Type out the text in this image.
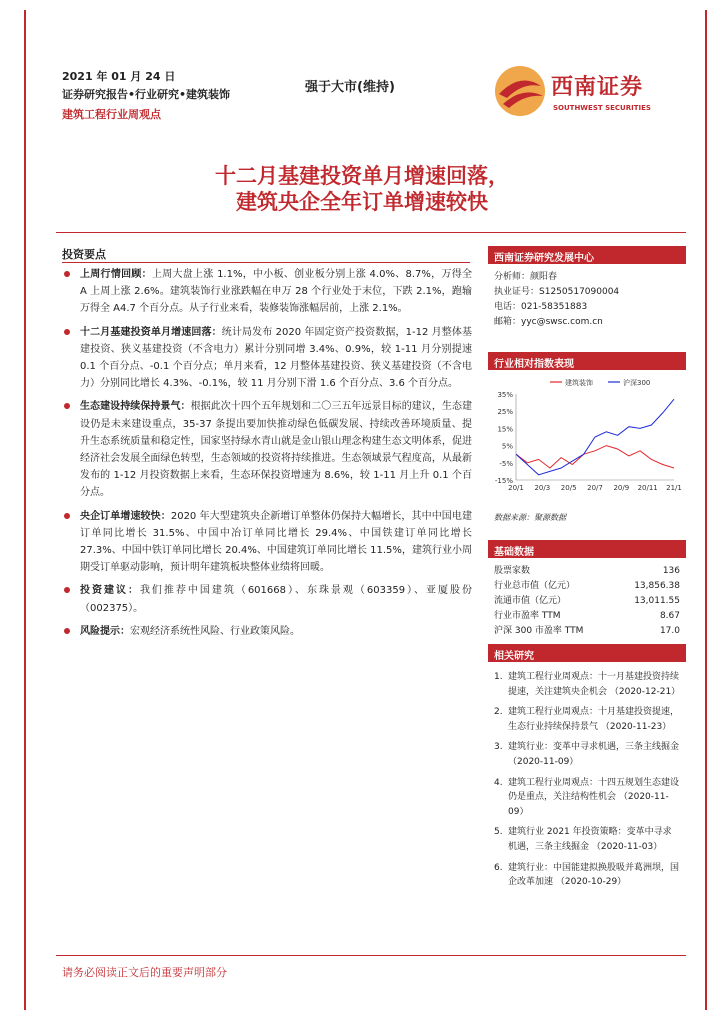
2021 年 01 月 24 日
证券研究报告•行业研究•建筑装饰
建筑工程行业周观点
强于大市(维持)	西南证券
SOUTHWEST SECURITIES
十二月基建投资单月增速回落，
建筑央企全年订单增速较快
投资要点
上周行情回顾：上周大盘上涨 1.1%，中小板、创业板分别上涨 4.0%、8.7%，万得全 A 上周上涨 2.6%。建筑装饰行业涨跌幅在申万 28 个行业处于末位，下跌 2.1%，跑输万得全 A4.7 个百分点。从子行业来看，装修装饰涨幅居前，上涨 2.1%。
十二月基建投资单月增速回落：统计局发布 2020 年固定资产投资数据，1-12 月整体基建投资、狭义基建投资（不含电力）累计分别同增 3.4%、0.9%，较 1-11 月分别提速 0.1 个百分点、-0.1 个百分点；单月来看，12 月整体基建投资、狭义基建投资（不含电力）分别同比增长 4.3%、-0.1%，较 11 月分别下滑 1.6 个百分点、3.6 个百分点。
生态建设持续保持景气：根据此次十四个五年规划和二〇三五年远景目标的建议，生态建设仍是未来建设重点，35-37 条提出要加快推动绿色低碳发展、持续改善环境质量、提升生态系统质量和稳定性，国家坚持绿水青山就是金山银山理念构建生态文明体系，促进经济社会发展全面绿色转型，生态领域的投资将持续推进。生态领域景气程度高，从最新发布的 1-12 月投资数据上来看，生态环保投资增速为 8.6%，较 1-11 月上升 0.1 个百分点。
央企订单增速较快：2020 年大型建筑央企新增订单整体仍保持大幅增长，其中中国电建订单同比增长 31.5%、中国中冶订单同比增长 29.4%、中国铁建订单同比增长 27.3%、中国中铁订单同比增长 20.4%、中国建筑订单同比增长 11.5%，建筑行业小周期受订单驱动影响，预计明年建筑板块整体业绩将回暖。
投资建议：我们推荐中国建筑（601668）、东珠景观（603359）、亚厦股份（002375）。
风险提示：宏观经济系统性风险、行业政策风险。
西南证券研究发展中心
分析师：颜阳春
执业证号：S1250517090004
电话：021-58351883
邮箱：yyc@swsc.com.cn
行业相对指数表现
35%
25%
15%
5%
-5%
-15%
20/1 20/3 20/5 20/7 20/9 20/11 21/1
建筑装饰	沪深300
数据来源：聚源数据
基础数据
股票家数	136
行业总市值（亿元）	13,856.38
流通市值（亿元）	13,011.55
行业市盈率 TTM	8.67
沪深 300 市盈率 TTM	17.0
相关研究
1. 建筑工程行业周观点：十一月基建投资持续提速，关注建筑央企机会 （2020-12-21）
2. 建筑工程行业周观点：十月基建投资提速，生态行业持续保持景气 （2020-11-23）
3. 建筑行业：变革中寻求机遇，三条主线掘金 （2020-11-09）
4. 建筑工程行业周观点：十四五规划生态建设仍是重点，关注结构性机会 （2020-11-09）
5. 建筑行业 2021 年投资策略：变革中寻求机遇，三条主线掘金 （2020-11-03）
6. 建筑行业：中国能建拟换股吸并葛洲坝，国企改革加速 （2020-10-29）
请务必阅读正文后的重要声明部分
